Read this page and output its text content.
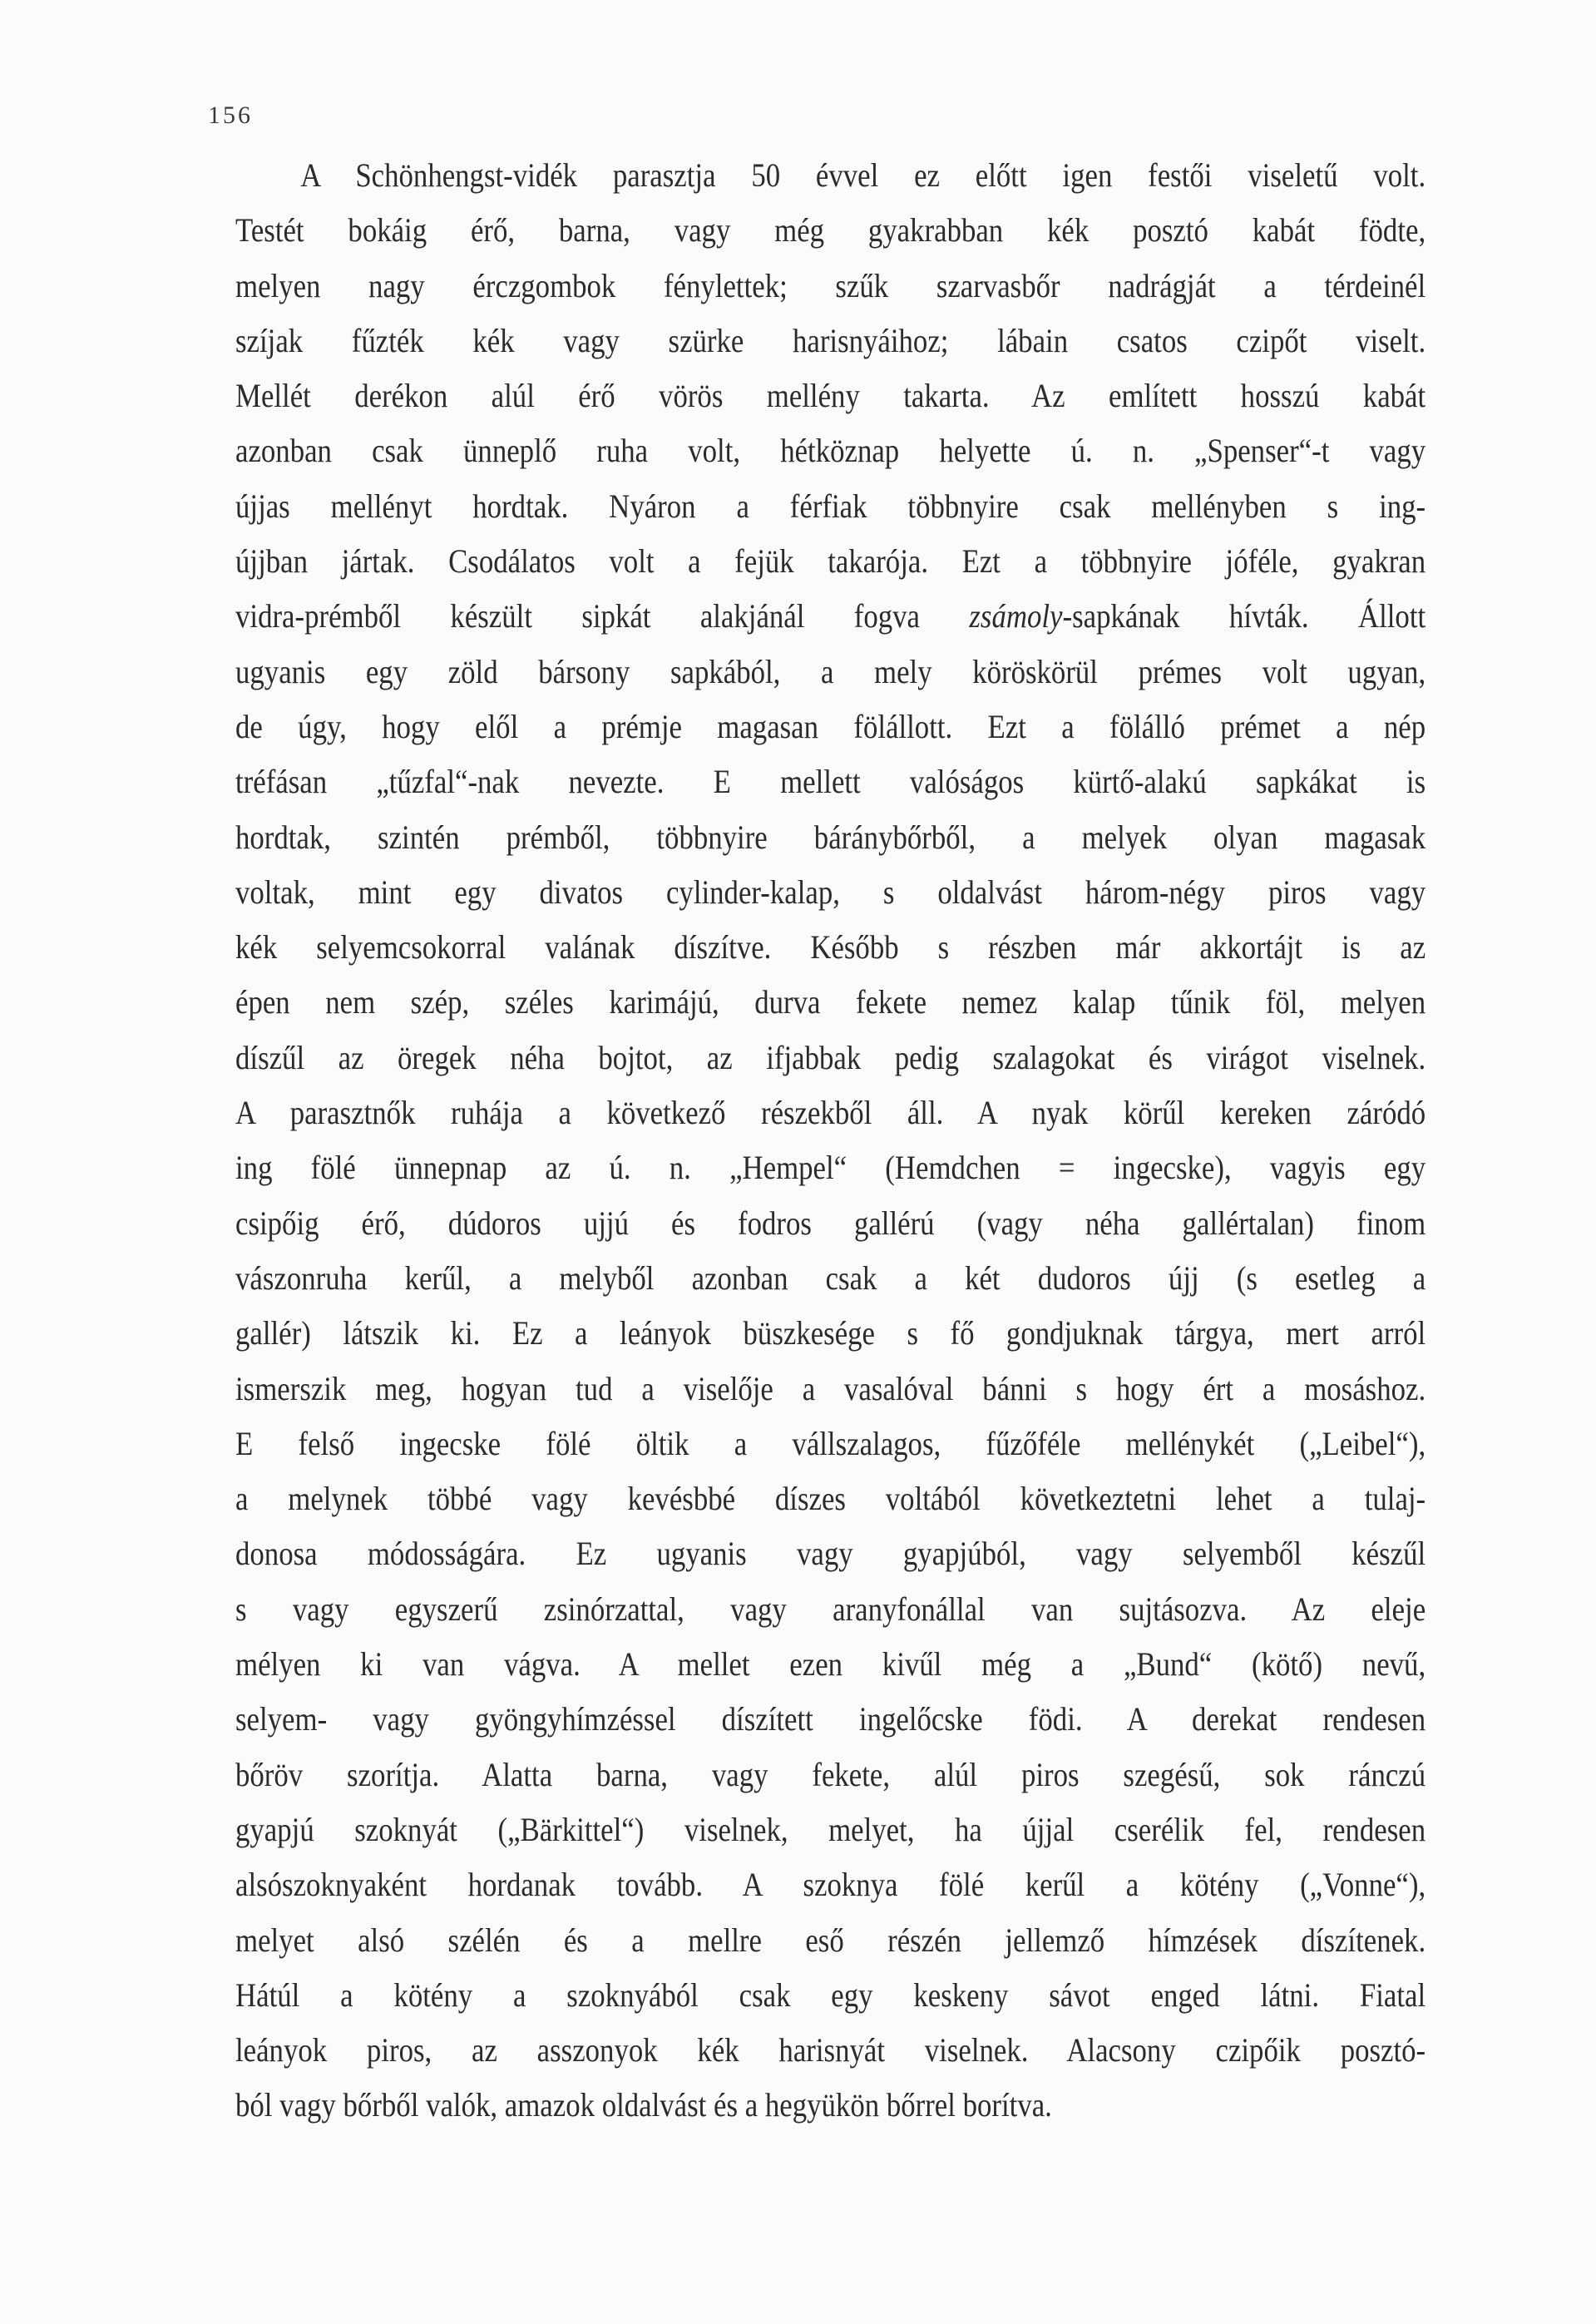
156
A Schönhengst-vidék parasztja 50 évvel ez előtt igen festői viseletű volt.
Testét bokáig érő, barna, vagy még gyakrabban kék posztó kabát födte,
melyen nagy érczgombok fénylettek; szűk szarvasbőr nadrágját a térdeinél
szíjak fűzték kék vagy szürke harisnyáihoz; lábain csatos czipőt viselt.
Mellét derékon alúl érő vörös mellény takarta. Az említett hosszú kabát
azonban csak ünneplő ruha volt, hétköznap helyette ú. n. „Spenser“-t vagy
újjas mellényt hordtak. Nyáron a férfiak többnyire csak mellényben s ing-
újjban jártak. Csodálatos volt a fejük takarója. Ezt a többnyire jóféle, gyakran
vidra-prémből készült sipkát alakjánál fogva zsámoly-sapkának hívták. Állott
ugyanis egy zöld bársony sapkából, a mely köröskörül prémes volt ugyan,
de úgy, hogy elől a prémje magasan fölállott. Ezt a fölálló prémet a nép
tréfásan „tűzfal“-nak nevezte. E mellett valóságos kürtő-alakú sapkákat is
hordtak, szintén prémből, többnyire báránybőrből, a melyek olyan magasak
voltak, mint egy divatos cylinder-kalap, s oldalvást három-négy piros vagy
kék selyemcsokorral valának díszítve. Később s részben már akkortájt is az
épen nem szép, széles karimájú, durva fekete nemez kalap tűnik föl, melyen
díszűl az öregek néha bojtot, az ifjabbak pedig szalagokat és virágot viselnek.
A parasztnők ruhája a következő részekből áll. A nyak körűl kereken záródó
ing fölé ünnepnap az ú. n. „Hempel“ (Hemdchen = ingecske), vagyis egy
csipőig érő, dúdoros ujjú és fodros gallérú (vagy néha gallértalan) finom
vászonruha kerűl, a melyből azonban csak a két dudoros újj (s esetleg a
gallér) látszik ki. Ez a leányok büszkesége s fő gondjuknak tárgya, mert arról
ismerszik meg, hogyan tud a viselője a vasalóval bánni s hogy ért a mosáshoz.
E felső ingecske fölé öltik a vállszalagos, fűzőféle mellénykét („Leibel“),
a melynek többé vagy kevésbbé díszes voltából következtetni lehet a tulaj-
donosa módosságára. Ez ugyanis vagy gyapjúból, vagy selyemből készűl
s vagy egyszerű zsinórzattal, vagy aranyfonállal van sujtásozva. Az eleje
mélyen ki van vágva. A mellet ezen kivűl még a „Bund“ (kötő) nevű,
selyem- vagy gyöngyhímzéssel díszített ingelőcske födi. A derekat rendesen
bőröv szorítja. Alatta barna, vagy fekete, alúl piros szegésű, sok ránczú
gyapjú szoknyát („Bärkittel“) viselnek, melyet, ha újjal cserélik fel, rendesen
alsószoknyaként hordanak tovább. A szoknya fölé kerűl a kötény („Vonne“),
melyet alsó szélén és a mellre eső részén jellemző hímzések díszítenek.
Hátúl a kötény a szoknyából csak egy keskeny sávot enged látni. Fiatal
leányok piros, az asszonyok kék harisnyát viselnek. Alacsony czipőik posztó-
ból vagy bőrből valók, amazok oldalvást és a hegyükön bőrrel borítva.
